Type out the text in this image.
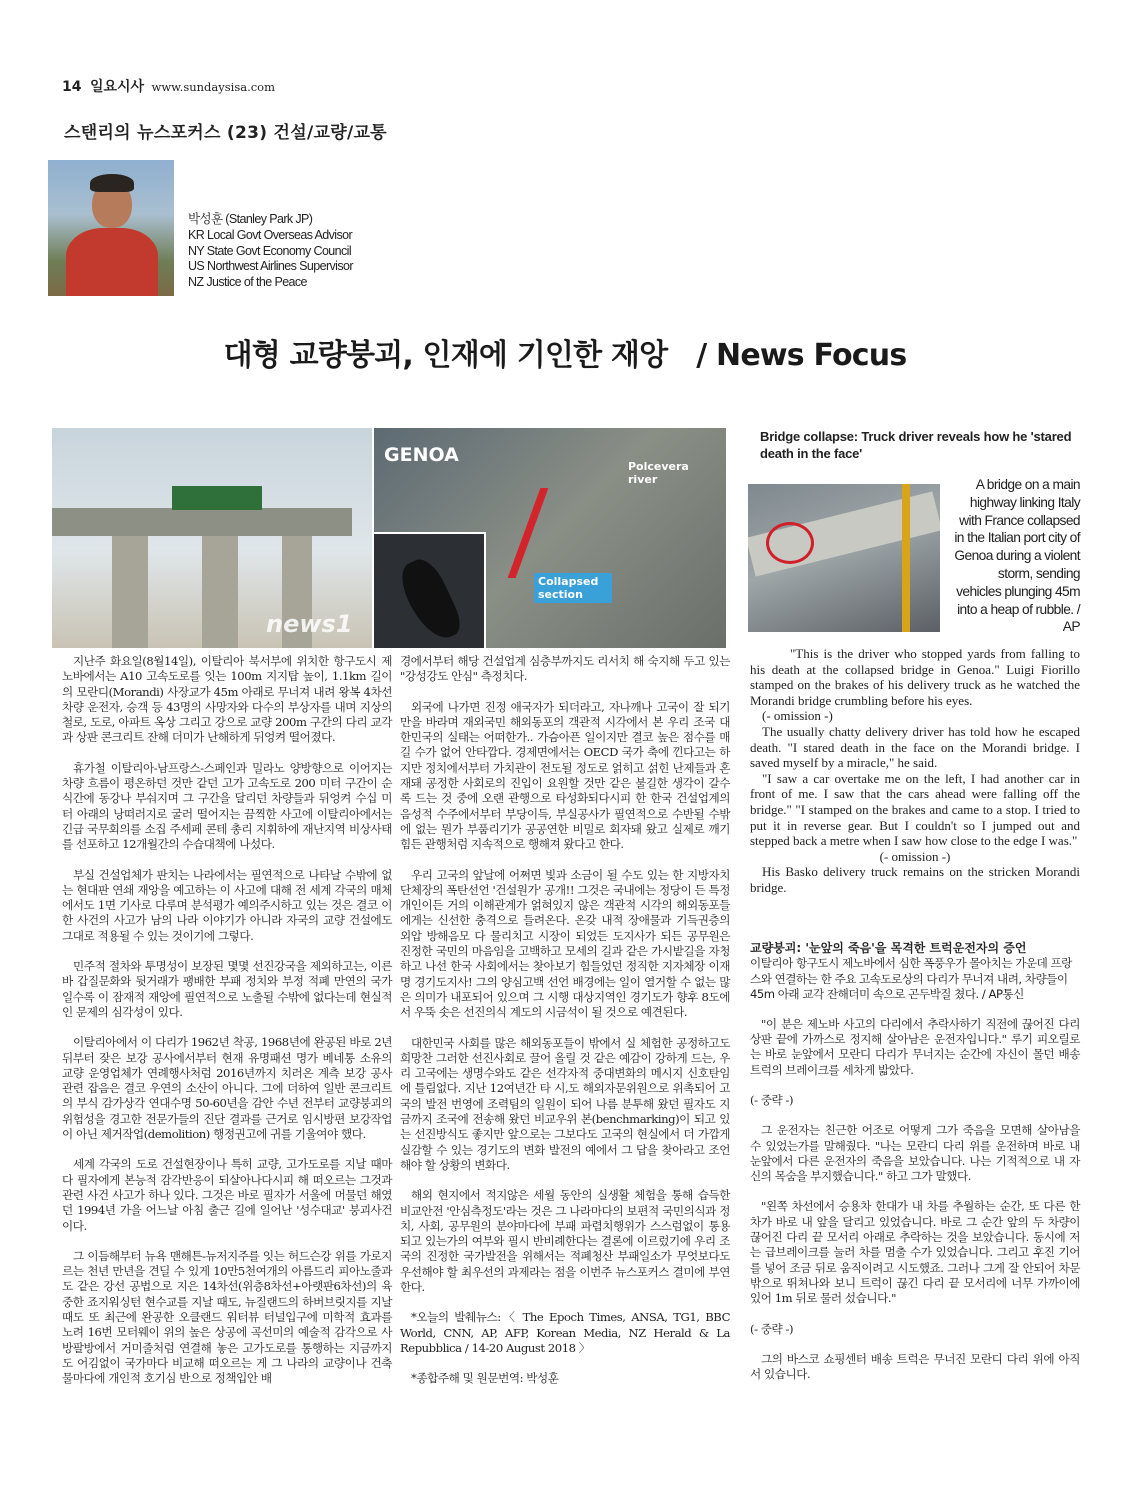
14 일요시사 www.sundaysisa.com
스탠리의 뉴스포커스 (23) 건설/교량/교통
박성훈 (Stanley Park JP)
KR Local Govt Overseas Advisor
NY State Govt Economy Council
US Northwest Airlines Supervisor
NZ Justice of the Peace
대형 교량붕괴, 인재에 기인한 재앙   / News Focus
news1
GENOA
Polcevera river
Collapsed section

지난주 화요일(8월14일), 이탈리아 북서부에 위치한 항구도시 제노바에서는 A10 고속도로를 잇는 100m 지지탑 높이, 1.1km 길이의 모란디(Morandi) 사장교가 45m 아래로 무너져 내려 왕복 4차선 차량 운전자, 승객 등 43명의 사망자와 다수의 부상자를 내며 지상의 철로, 도로, 아파트 옥상 그리고 강으로 교량 200m 구간의 다리 교각과 상판 콘크리트 잔해 더미가 난해하게 뒤엉켜 떨어졌다.

휴가철 이탈리아-남프랑스-스페인과 밀라노 양방향으로 이어지는 차량 흐름이 평온하던 것만 같던 고가 고속도로 200 미터 구간이 순식간에 동강나 부숴지며 그 구간을 달리던 차량들과 뒤엉켜 수십 미터 아래의 낭떠러지로 굴러 떨어지는 끔찍한 사고에 이탈리아에서는 긴급 국무회의를 소집 주세페 콘테 총리 지휘하에 재난지역 비상사태를 선포하고 12개월간의 수습대책에 나섰다.

부실 건설업체가 판치는 나라에서는 필연적으로 나타날 수밖에 없는 현대판 연쇄 재앙을 예고하는 이 사고에 대해 전 세계 각국의 매체에서도 1면 기사로 다루며 분석평가 예의주시하고 있는 것은 결코 이 한 사건의 사고가 남의 나라 이야기가 아니라 자국의 교량 건설에도 그대로 적용될 수 있는 것이기에 그렇다.

민주적 절차와 투명성이 보장된 몇몇 선진강국을 제외하고는, 이른바 갑질문화와 뒷거래가 팽배한 부패 정치와 부정 적폐 만연의 국가일수록 이 잠재적 재앙에 필연적으로 노출될 수밖에 없다는데 현실적인 문제의 심각성이 있다.

이탈리아에서 이 다리가 1962년 착공, 1968년에 완공된 바로 2년 뒤부터 잦은 보강 공사에서부터 현재 유명패션 명가 베네통 소유의 교량 운영업체가 연례행사처럼 2016년까지 치러온 계측 보강 공사 관련 잡음은 결코 우연의 소산이 아니다. 그에 더하여 일반 콘크리트의 부식 감가상각 연대수명 50-60년을 감안 수년 전부터 교량붕괴의 위험성을 경고한 전문가들의 진단 결과를 근거로 임시방편 보강작업이 아닌 제거작업(demolition) 행정권고에 귀를 기울여야 했다.

세계 각국의 도로 건설현장이나 특히 교량, 고가도로를 지날 때마다 필자에게 본능적 감각반응이 되살아나다시피 해 떠오르는 그것과 관련 사건 사고가 하나 있다. 그것은 바로 필자가 서울에 머물던 해였던 1994년 가을 어느날 아침 출근 길에 일어난 '성수대교' 붕괴사건이다.

그 이듬해부터 뉴욕 맨해튼-뉴저지주를 잇는 허드슨강 위를 가로지르는 천년 만년을 견딜 수 있게 10만5천여개의 아름드리 피아노줄과도 같은 강선 공법으로 지은 14차선(위층8차선+아랫판6차선)의 육중한 죠지워싱턴 현수교를 지날 때도, 뉴질랜드의 하버브릿지를 지날 때도 또 최근에 완공한 오클랜드 워터뷰 터널입구에 미학적 효과를 노려 16번 모터웨이 위의 높은 상공에 곡선미의 예술적 감각으로 사방팔방에서 거미줄처럼 연결해 놓은 고가도로를 통행하는 지금까지도 어김없이 국가마다 비교해 떠오르는 게 그 나라의 교량이나 건축물마다에 개인적 호기심 반으로 정책입안 배

경에서부터 해당 건설업계 심층부까지도 리서치 해 숙지해 두고 있는 "강성강도 안심" 측정치다.

외국에 나가면 진정 애국자가 되더라고, 자나깨나 고국이 잘 되기만을 바라며 재외국민 해외동포의 객관적 시각에서 본 우리 조국 대한민국의 실태는 어떠한가.. 가슴아픈 일이지만 결코 높은 점수를 매길 수가 없어 안타깝다. 경제면에서는 OECD 국가 축에 낀다고는 하지만 정치에서부터 가치관이 전도될 정도로 얽히고 섥힌 난제들과 혼재돼 공정한 사회로의 진입이 요원할 것만 같은 불길한 생각이 갈수록 드는 것 중에 오랜 관행으로 타성화되다시피 한 한국 건설업계의 음성적 수주에서부터 부당이득, 부실공사가 필연적으로 수반될 수밖에 없는 뭔가 부품리기가 공공연한 비밀로 회자돼 왔고 실제로 깨기 힘든 관행처럼 지속적으로 행해져 왔다고 한다.

우리 고국의 앞날에 어쩌면 빛과 소금이 될 수도 있는 한 지방자치단체장의 폭탄선언 '건설원가' 공개!! 그것은 국내에는 정당이 든 특정 개인이든 거의 이해관계가 얽혀있지 않은 객관적 시각의 해외동포들에게는 신선한 충격으로 들려온다. 온갖 내적 장애물과 기득권층의 외압 방해음모 다 물리치고 시장이 되었든 도지사가 되든 공무원은 진정한 국민의 마음임을 고백하고 모세의 길과 같은 가시밭길을 자청하고 나선 한국 사회에서는 찾아보기 힘들었던 정직한 지자체장 이재명 경기도지사! 그의 양심고백 선언 배경에는 일이 열거할 수 없는 많은 의미가 내포되어 있으며 그 시행 대상지역인 경기도가 향후 8도에서 우뚝 솟은 선진의식 계도의 시금석이 될 것으로 예견된다.

대한민국 사회를 많은 해외동포들이 밖에서 실 체험한 공정하고도 희망찬 그러한 선진사회로 끌어 올릴 것 같은 예감이 강하게 드는, 우리 고국에는 생명수와도 같은 선각자적 중대변화의 메시지 신호탄임에 틀림없다. 지난 12여년간 타 시,도 해외자문위원으로 위촉되어 고국의 발전 번영에 조력팀의 일원이 되어 나름 분투해 왔던 필자도 지금까지 조국에 전송해 왔던 비교우위 본(benchmarking)이 되고 있는 선진방식도 좋지만 앞으로는 그보다도 고국의 현실에서 더 가깝게 실감할 수 있는 경기도의 변화 발전의 예에서 그 답을 찾아라고 조언해야 할 상황의 변화다.

해외 현지에서 적지않은 세월 동안의 실생활 체험을 통해 습득한 비교안전 '안심측정도'라는 것은 그 나라마다의 보편적 국민의식과 정치, 사회, 공무원의 분야마다에 부패 파렴치행위가 스스럼없이 통용되고 있는가의 여부와 필시 반비례한다는 결론에 이르렀기에 우리 조국의 진정한 국가발전을 위해서는 적폐청산 부패일소가 무엇보다도 우선해야 할 최우선의 과제라는 점을 이번주 뉴스포커스 결미에 부연한다.

*오늘의 발췌뉴스:〈 The Epoch Times, ANSA, TG1, BBC World, CNN, AP, AFP, Korean Media, NZ Herald & La Repubblica / 14-20 August 2018 〉

*종합주해 및 원문번역: 박성훈

Bridge collapse: Truck driver reveals how he 'stared death in the face'
A bridge on a main highway linking Italy with France collapsed in the Italian port city of Genoa during a violent storm, sending vehicles plunging 45m into a heap of rubble. / AP

"This is the driver who stopped yards from falling to his death at the collapsed bridge in Genoa." Luigi Fiorillo stamped on the brakes of his delivery truck as he watched the Morandi bridge crumbling before his eyes.

(- omission -)

The usually chatty delivery driver has told how he escaped death. "I stared death in the face on the Morandi bridge. I saved myself by a miracle," he said.

"I saw a car overtake me on the left, I had another car in front of me. I saw that the cars ahead were falling off the bridge." "I stamped on the brakes and came to a stop. I tried to put it in reverse gear. But I couldn't so I jumped out and stepped back a metre when I saw how close to the edge I was."

(- omission -)

His Basko delivery truck remains on the stricken Morandi bridge.

교량붕괴: '눈앞의 죽음'을 목격한 트럭운전자의 증언
이탈리아 항구도시 제노바에서 심한 폭풍우가 몰아치는 가운데 프랑스와 연결하는 한 주요 고속도로상의 다리가 무너져 내려, 차량들이 45m 아래 교각 잔해더미 속으로 곤두박질 쳤다. / AP통신

"이 분은 제노바 사고의 다리에서 추락사하기 직전에 끊어진 다리 상판 끝에 가까스로 정지해 살아남은 운전자입니다." 루기 피오릴로는 바로 눈앞에서 모란디 다리가 무너지는 순간에 자신이 몰던 배송트럭의 브레이크를 세차게 밟았다.

(- 중략 -)

그 운전자는 친근한 어조로 어떻게 그가 죽음을 모면해 살아남을 수 있었는가를 말해줬다. "나는 모란디 다리 위를 운전하며 바로 내 눈앞에서 다른 운전자의 죽음을 보았습니다. 나는 기적적으로 내 자신의 목숨을 부지했습니다." 하고 그가 말했다.

"왼쪽 차선에서 승용차 한대가 내 차를 추월하는 순간, 또 다른 한 차가 바로 내 앞을 달리고 있었습니다. 바로 그 순간 앞의 두 차량이 끊어진 다리 끝 모서리 아래로 추락하는 것을 보았습니다. 동시에 저는 급브레이크를 눌러 차를 멈출 수가 있었습니다. 그리고 후진 기어를 넣어 조금 뒤로 움직이려고 시도했죠. 그러나 그게 잘 안되어 차문 밖으로 뛰쳐나와 보니 트럭이 끊긴 다리 끝 모서리에 너무 가까이에 있어 1m 뒤로 물러 섰습니다."

(- 중략 -)

그의 바스코 쇼핑센터 배송 트럭은 무너진 모란디 다리 위에 아직 서 있습니다.
